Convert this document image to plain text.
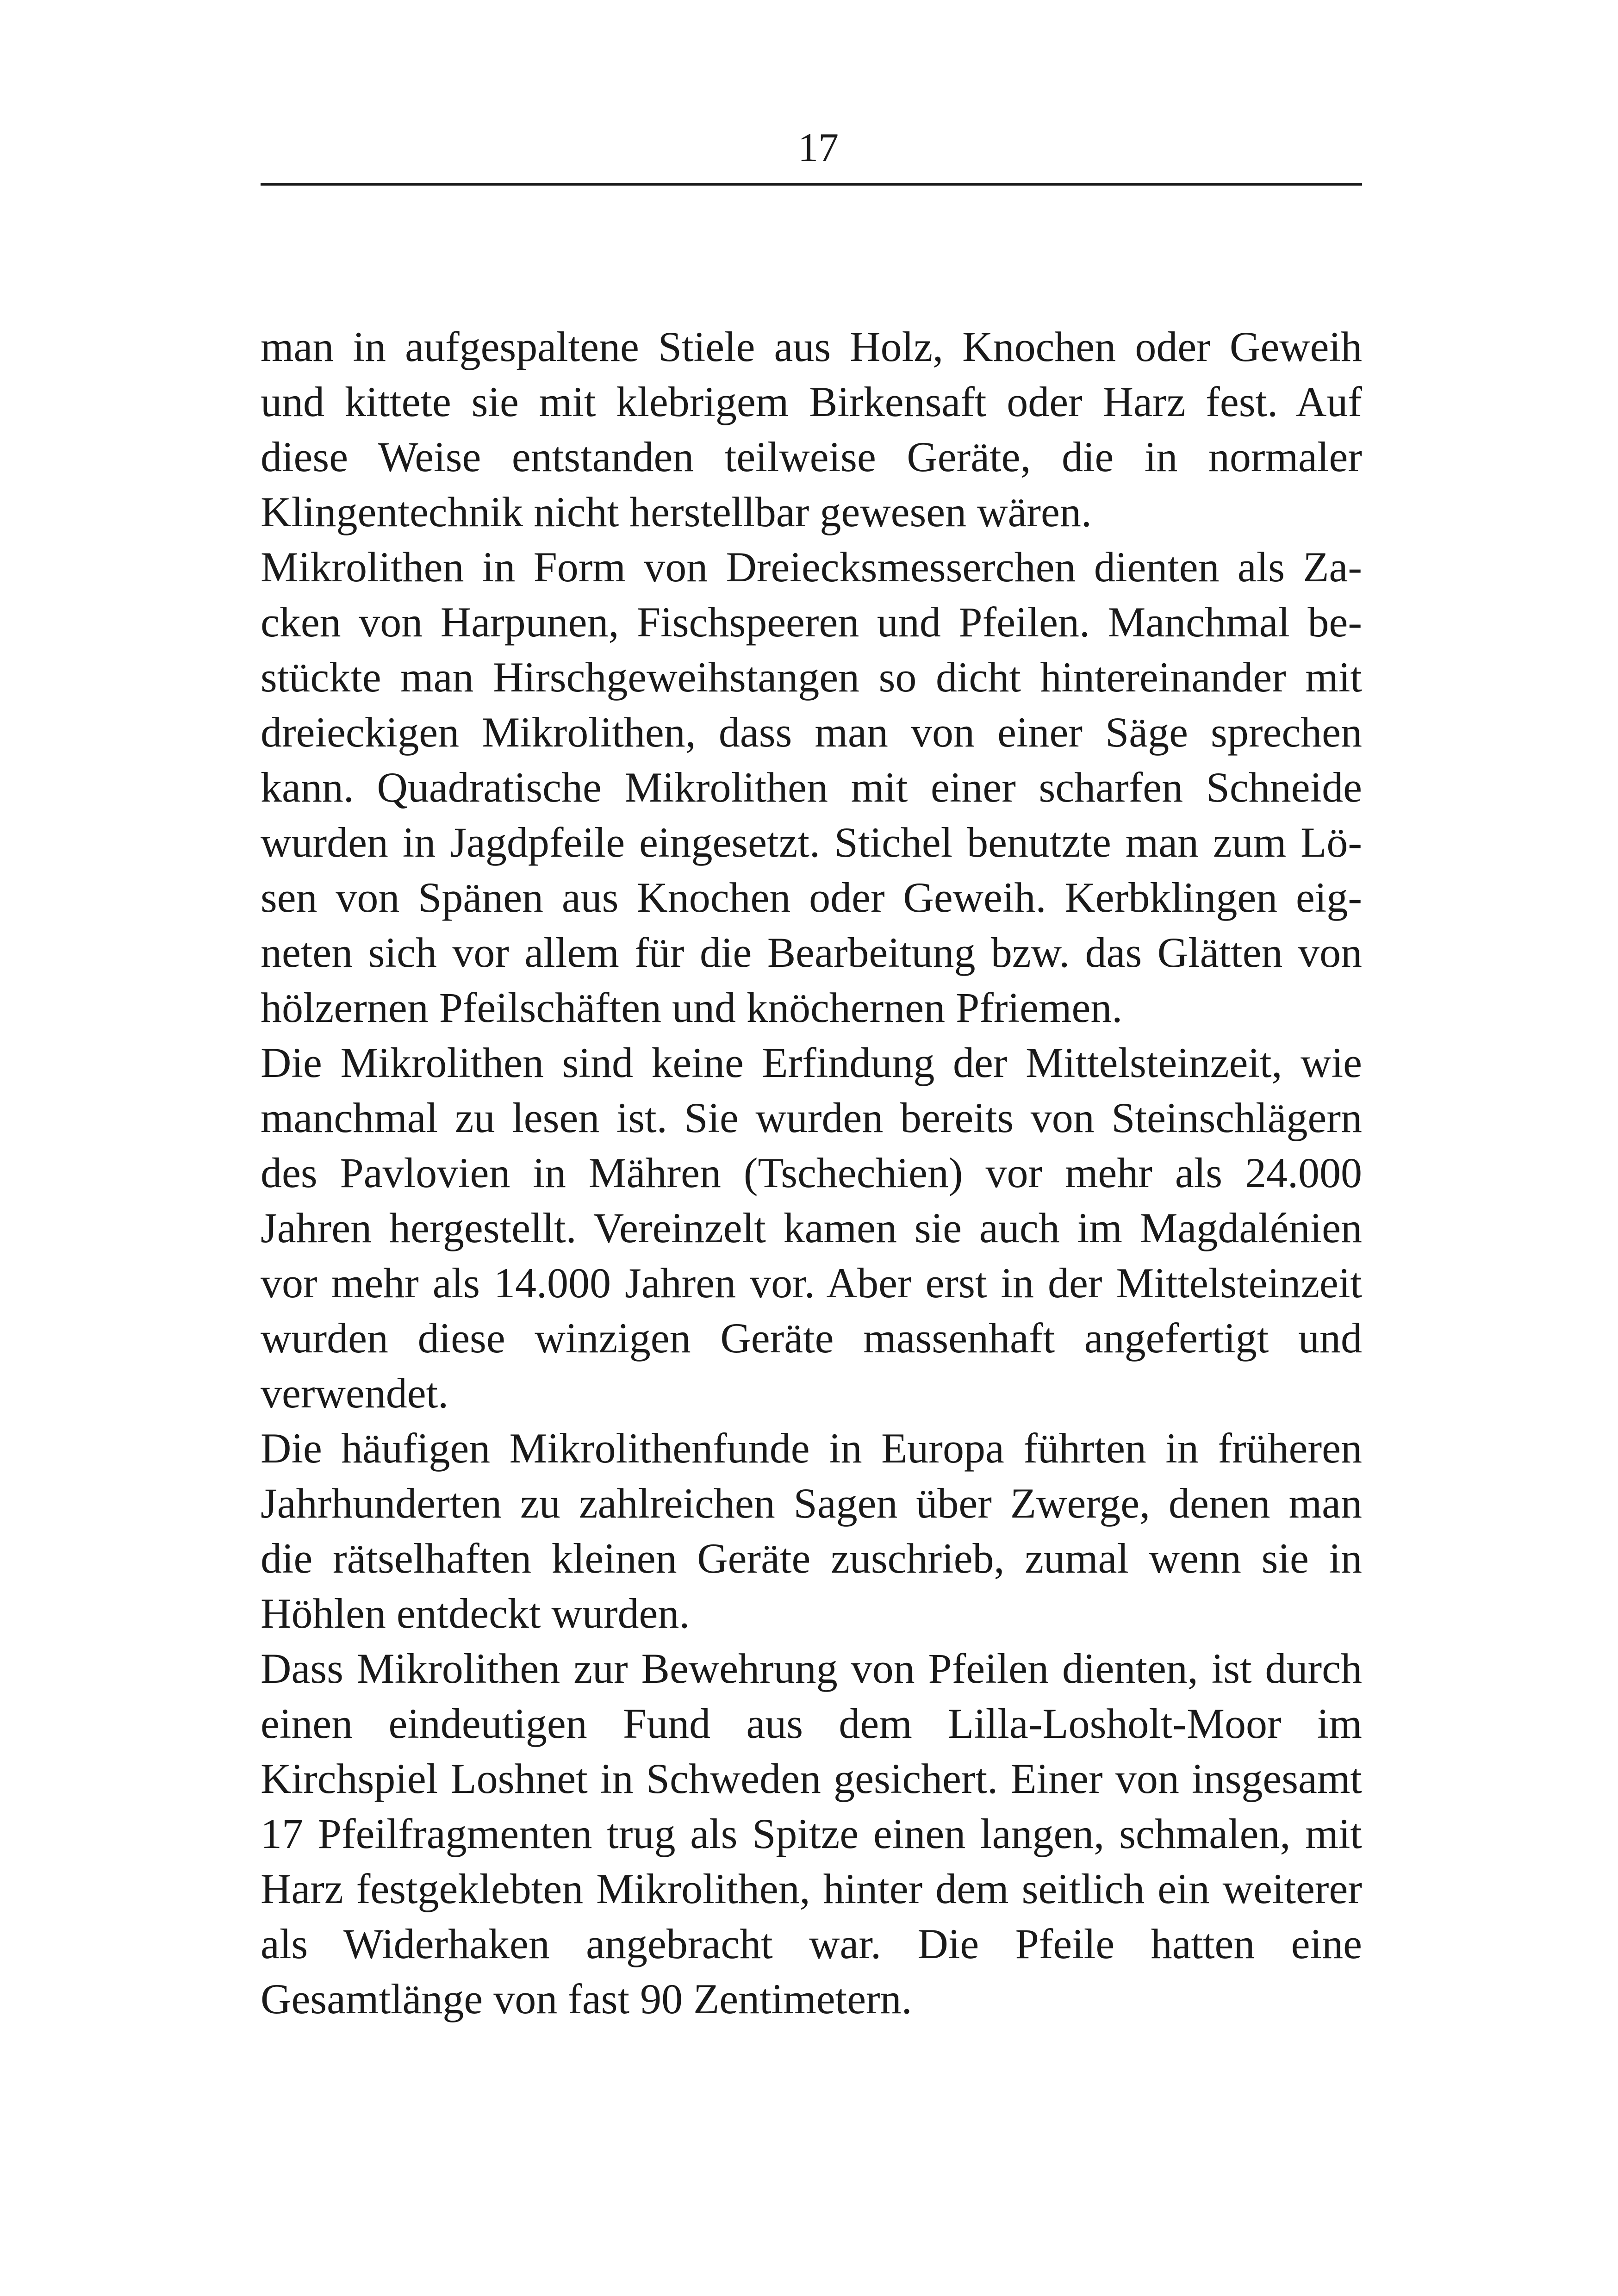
17
man in aufgespaltene Stiele aus Holz, Knochen oder Geweih
und kittete sie mit klebrigem Birkensaft oder Harz fest. Auf
diese Weise entstanden teilweise Geräte, die in normaler
Klingentechnik nicht herstellbar gewesen wären.
Mikrolithen in Form von Dreiecksmesserchen dienten als Za-
cken von Harpunen, Fischspeeren und Pfeilen. Manchmal be-
stückte man Hirschgeweihstangen so dicht hintereinander mit
dreieckigen Mikrolithen, dass man von einer Säge sprechen
kann. Quadratische Mikrolithen mit einer scharfen Schneide
wurden in Jagdpfeile eingesetzt. Stichel benutzte man zum Lö-
sen von Spänen aus Knochen oder Geweih. Kerbklingen eig-
neten sich vor allem für die Bearbeitung bzw. das Glätten von
hölzernen Pfeilschäften und knöchernen Pfriemen.
Die Mikrolithen sind keine Erfindung der Mittelsteinzeit, wie
manchmal zu lesen ist. Sie wurden bereits von Steinschlägern
des Pavlovien in Mähren (Tschechien) vor mehr als 24.000
Jahren hergestellt. Vereinzelt kamen sie auch im Magdalénien
vor mehr als 14.000 Jahren vor. Aber erst in der Mittelsteinzeit
wurden diese winzigen Geräte massenhaft angefertigt und
verwendet.
Die häufigen Mikrolithenfunde in Europa führten in früheren
Jahrhunderten zu zahlreichen Sagen über Zwerge, denen man
die rätselhaften kleinen Geräte zuschrieb, zumal wenn sie in
Höhlen entdeckt wurden.
Dass Mikrolithen zur Bewehrung von Pfeilen dienten, ist durch
einen eindeutigen Fund aus dem Lilla-Losholt-Moor im
Kirchspiel Loshnet in Schweden gesichert. Einer von insgesamt
17 Pfeilfragmenten trug als Spitze einen langen, schmalen, mit
Harz festgeklebten Mikrolithen, hinter dem seitlich ein weiterer
als Widerhaken angebracht war. Die Pfeile hatten eine
Gesamtlänge von fast 90 Zentimetern.
